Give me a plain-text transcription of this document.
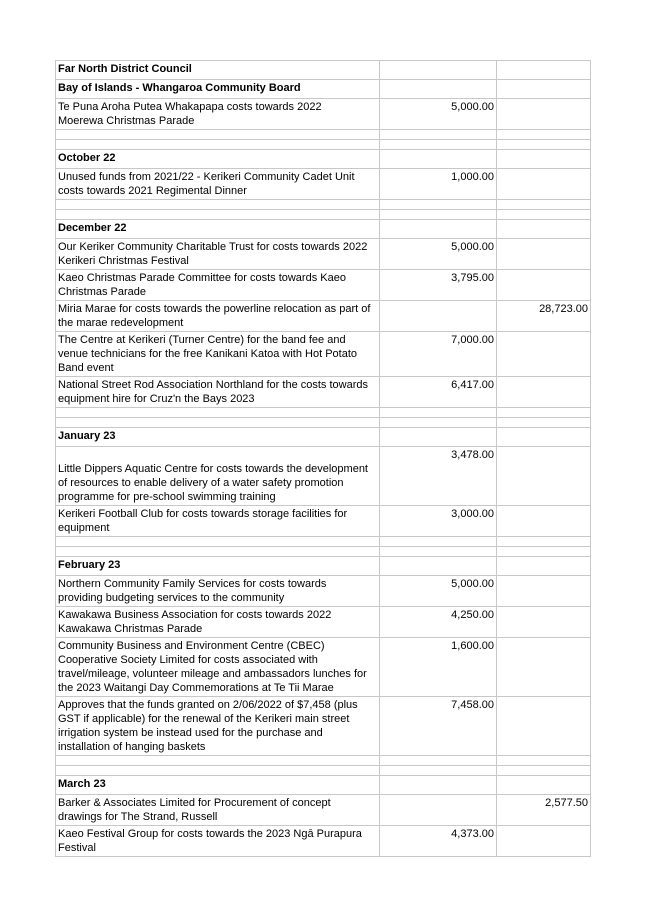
Far North District Council		
Bay of Islands - Whangaroa Community Board		
Te Puna Aroha Putea Whakapapa costs towards 2022
Moerewa Christmas Parade	5,000.00	

October 22		
Unused funds from 2021/22 - Kerikeri Community Cadet Unit
costs towards 2021 Regimental Dinner	1,000.00	

December 22		
Our Keriker Community Charitable Trust for costs towards 2022
Kerikeri Christmas Festival	5,000.00	
Kaeo Christmas Parade Committee for costs towards Kaeo
Christmas Parade	3,795.00	
Miria Marae for costs towards the powerline relocation as part of
the marae redevelopment		28,723.00
The Centre at Kerikeri (Turner Centre) for the band fee and
venue technicians for the free Kanikani Katoa with Hot Potato
Band event	7,000.00	
National Street Rod Association Northland for the costs towards
equipment hire for Cruz'n the Bays 2023	6,417.00	

January 23		

Little Dippers Aquatic Centre for costs towards the development
of resources to enable delivery of a water safety promotion
programme for pre-school swimming training	3,478.00	
Kerikeri Football Club for costs towards storage facilities for
equipment	3,000.00	

February 23		
Northern Community Family Services for costs towards
providing budgeting services to the community	5,000.00	
Kawakawa Business Association for costs towards 2022
Kawakawa Christmas Parade	4,250.00	
Community Business and Environment Centre (CBEC)
Cooperative Society Limited for costs associated with
travel/mileage, volunteer mileage and ambassadors lunches for
the 2023 Waitangi Day Commemorations at Te Tii Marae	1,600.00	
Approves that the funds granted on 2/06/2022 of $7,458 (plus
GST if applicable) for the renewal of the Kerikeri main street
irrigation system be instead used for the purchase and
installation of hanging baskets	7,458.00	

March 23		
Barker & Associates Limited for Procurement of concept
drawings for The Strand, Russell		2,577.50
Kaeo Festival Group for costs towards the 2023 Ngā Purapura
Festival	4,373.00	
